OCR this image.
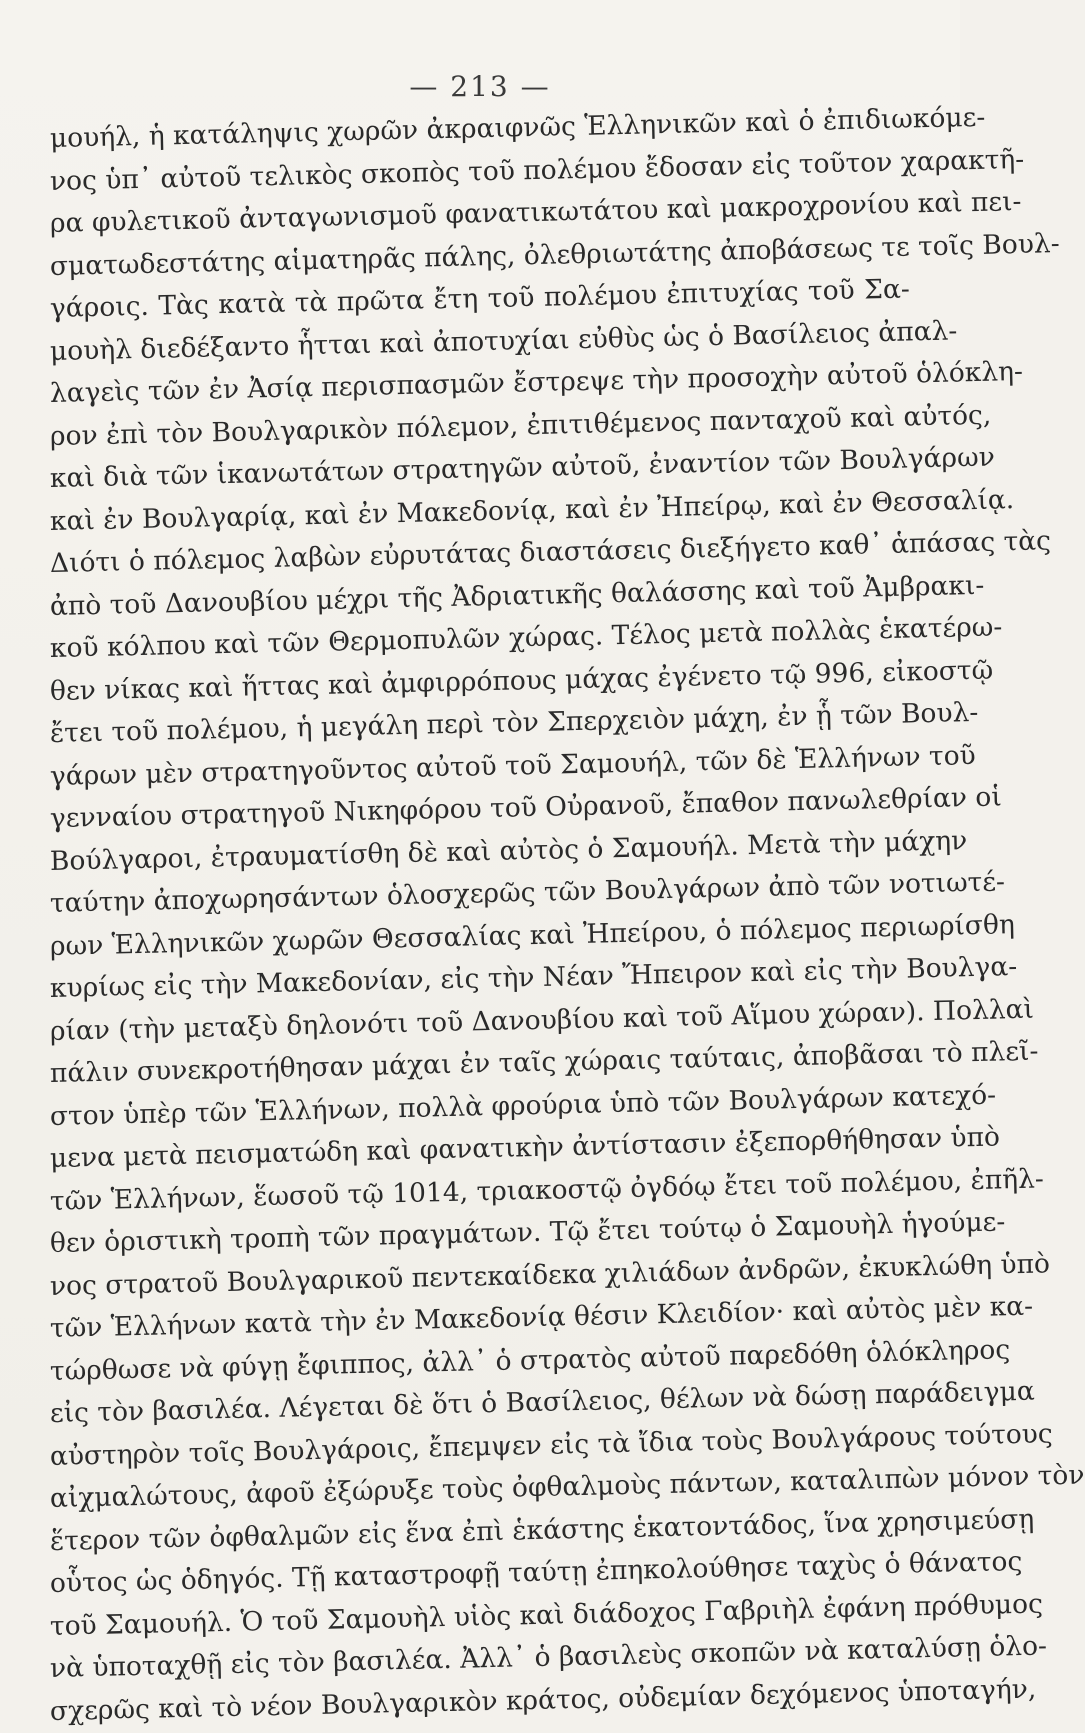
— 213 —
μουήλ, ἡ κατάληψις χωρῶν ἀκραιφνῶς Ἑλληνικῶν καὶ ὁ ἐπιδιωκόμε-
νος ὑπ᾽ αὐτοῦ τελικὸς σκοπὸς τοῦ πολέμου ἔδοσαν εἰς τοῦτον χαρακτῆ-
ρα φυλετικοῦ ἀνταγωνισμοῦ φανατικωτάτου καὶ μακροχρονίου καὶ πει-
σματωδεστάτης αἱματηρᾶς πάλης, ὀλεθριωτάτης ἀποβάσεως τε τοῖς Βουλ-
γάροις. Τὰς κατὰ τὰ πρῶτα ἔτη τοῦ πολέμου ἐπιτυχίας τοῦ Σα-
μουὴλ διεδέξαντο ἧτται καὶ ἀποτυχίαι εὐθὺς ὡς ὁ Βασίλειος ἀπαλ-
λαγεὶς τῶν ἐν Ἀσίᾳ περισπασμῶν ἔστρεψε τὴν προσοχὴν αὐτοῦ ὁλόκλη-
ρον ἐπὶ τὸν Βουλγαρικὸν πόλεμον, ἐπιτιθέμενος πανταχοῦ καὶ αὐτός,
καὶ διὰ τῶν ἱκανωτάτων στρατηγῶν αὐτοῦ, ἐναντίον τῶν Βουλγάρων
καὶ ἐν Βουλγαρίᾳ, καὶ ἐν Μακεδονίᾳ, καὶ ἐν Ἠπείρῳ, καὶ ἐν Θεσσαλίᾳ.
Διότι ὁ πόλεμος λαβὼν εὐρυτάτας διαστάσεις διεξήγετο καθ᾽ ἁπάσας τὰς
ἀπὸ τοῦ Δανουβίου μέχρι τῆς Ἀδριατικῆς θαλάσσης καὶ τοῦ Ἀμβρακι-
κοῦ κόλπου καὶ τῶν Θερμοπυλῶν χώρας. Τέλος μετὰ πολλὰς ἑκατέρω-
θεν νίκας καὶ ἥττας καὶ ἀμφιρρόπους μάχας ἐγένετο τῷ 996, εἰκοστῷ
ἔτει τοῦ πολέμου, ἡ μεγάλη περὶ τὸν Σπερχειὸν μάχη, ἐν ᾗ τῶν Βουλ-
γάρων μὲν στρατηγοῦντος αὐτοῦ τοῦ Σαμουήλ, τῶν δὲ Ἑλλήνων τοῦ
γενναίου στρατηγοῦ Νικηφόρου τοῦ Οὐρανοῦ, ἔπαθον πανωλεθρίαν οἱ
Βούλγαροι, ἐτραυματίσθη δὲ καὶ αὐτὸς ὁ Σαμουήλ. Μετὰ τὴν μάχην
ταύτην ἀποχωρησάντων ὁλοσχερῶς τῶν Βουλγάρων ἀπὸ τῶν νοτιωτέ-
ρων Ἑλληνικῶν χωρῶν Θεσσαλίας καὶ Ἠπείρου, ὁ πόλεμος περιωρίσθη
κυρίως εἰς τὴν Μακεδονίαν, εἰς τὴν Νέαν Ἤπειρον καὶ εἰς τὴν Βουλγα-
ρίαν (τὴν μεταξὺ δηλονότι τοῦ Δανουβίου καὶ τοῦ Αἵμου χώραν). Πολλαὶ
πάλιν συνεκροτήθησαν μάχαι ἐν ταῖς χώραις ταύταις, ἀποβᾶσαι τὸ πλεῖ-
στον ὑπὲρ τῶν Ἑλλήνων, πολλὰ φρούρια ὑπὸ τῶν Βουλγάρων κατεχό-
μενα μετὰ πεισματώδη καὶ φανατικὴν ἀντίστασιν ἐξεπορθήθησαν ὑπὸ
τῶν Ἑλλήνων, ἕωσοῦ τῷ 1014, τριακοστῷ ὀγδόῳ ἔτει τοῦ πολέμου, ἐπῆλ-
θεν ὁριστικὴ τροπὴ τῶν πραγμάτων. Τῷ ἔτει τούτῳ ὁ Σαμουὴλ ἡγούμε-
νος στρατοῦ Βουλγαρικοῦ πεντεκαίδεκα χιλιάδων ἀνδρῶν, ἐκυκλώθη ὑπὸ
τῶν Ἑλλήνων κατὰ τὴν ἐν Μακεδονίᾳ θέσιν Κλειδίον· καὶ αὐτὸς μὲν κα-
τώρθωσε νὰ φύγῃ ἔφιππος, ἀλλ᾽ ὁ στρατὸς αὐτοῦ παρεδόθη ὁλόκληρος
εἰς τὸν βασιλέα. Λέγεται δὲ ὅτι ὁ Βασίλειος, θέλων νὰ δώσῃ παράδειγμα
αὐστηρὸν τοῖς Βουλγάροις, ἔπεμψεν εἰς τὰ ἴδια τοὺς Βουλγάρους τούτους
αἰχμαλώτους, ἀφοῦ ἐξώρυξε τοὺς ὀφθαλμοὺς πάντων, καταλιπὼν μόνον τὸν
ἕτερον τῶν ὀφθαλμῶν εἰς ἕνα ἐπὶ ἑκάστης ἑκατοντάδος, ἵνα χρησιμεύσῃ
οὗτος ὡς ὁδηγός. Τῇ καταστροφῇ ταύτῃ ἐπηκολούθησε ταχὺς ὁ θάνατος
τοῦ Σαμουήλ. Ὁ τοῦ Σαμουὴλ υἱὸς καὶ διάδοχος Γαβριὴλ ἐφάνη πρόθυμος
νὰ ὑποταχθῇ εἰς τὸν βασιλέα. Ἀλλ᾽ ὁ βασιλεὺς σκοπῶν νὰ καταλύσῃ ὁλο-
σχερῶς καὶ τὸ νέον Βουλγαρικὸν κράτος, οὐδεμίαν δεχόμενος ὑποταγήν,
